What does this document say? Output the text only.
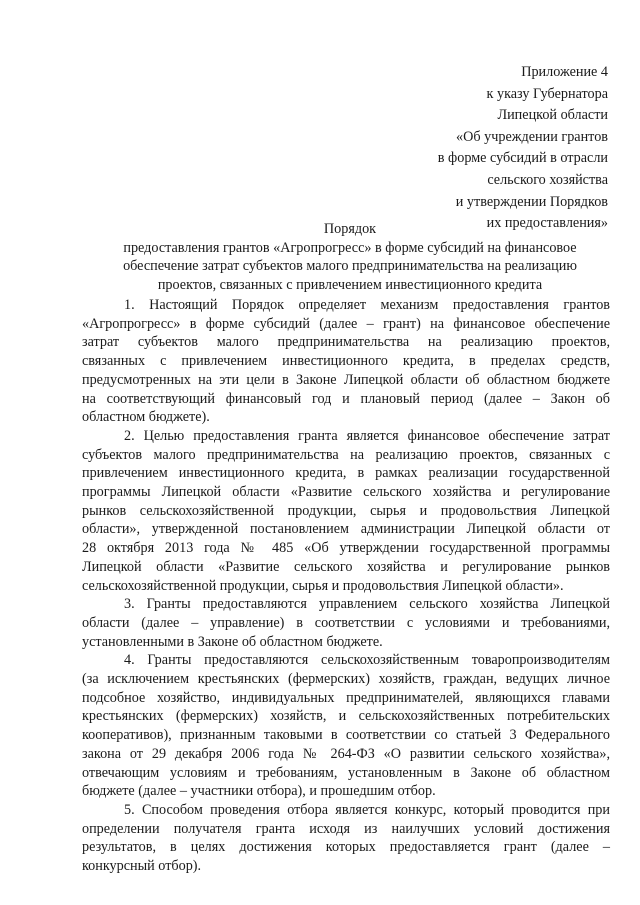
Приложение 4
к указу Губернатора
Липецкой области
«Об учреждении грантов
в форме субсидий в отрасли
сельского хозяйства
и утверждении Порядков
их предоставления»
Порядок
предоставления грантов «Агропрогресс» в форме субсидий на финансовое
обеспечение затрат субъектов малого предпринимательства на реализацию
проектов, связанных с привлечением инвестиционного кредита
1. Настоящий Порядок определяет механизм предоставления грантов
«Агропрогресс» в форме субсидий (далее – грант) на финансовое обеспечение
затрат субъектов малого предпринимательства на реализацию проектов,
связанных с привлечением инвестиционного кредита, в пределах средств,
предусмотренных на эти цели в Законе Липецкой области об областном бюджете
на соответствующий финансовый год и плановый период (далее – Закон об
областном бюджете).
2. Целью предоставления гранта является финансовое обеспечение затрат
субъектов малого предпринимательства на реализацию проектов, связанных с
привлечением инвестиционного кредита, в рамках реализации государственной
программы Липецкой области «Развитие сельского хозяйства и регулирование
рынков сельскохозяйственной продукции, сырья и продовольствия Липецкой
области», утвержденной постановлением администрации Липецкой области от
28 октября 2013 года № 485 «Об утверждении государственной программы
Липецкой области «Развитие сельского хозяйства и регулирование рынков
сельскохозяйственной продукции, сырья и продовольствия Липецкой области».
3. Гранты предоставляются управлением сельского хозяйства Липецкой
области (далее – управление) в соответствии с условиями и требованиями,
установленными в Законе об областном бюджете.
4. Гранты предоставляются сельскохозяйственным товаропроизводителям
(за исключением крестьянских (фермерских) хозяйств, граждан, ведущих личное
подсобное хозяйство, индивидуальных предпринимателей, являющихся главами
крестьянских (фермерских) хозяйств, и сельскохозяйственных потребительских
кооперативов), признанным таковыми в соответствии со статьей 3 Федерального
закона от 29 декабря 2006 года № 264-ФЗ «О развитии сельского хозяйства»,
отвечающим условиям и требованиям, установленным в Законе об областном
бюджете (далее – участники отбора), и прошедшим отбор.
5. Способом проведения отбора является конкурс, который проводится при
определении получателя гранта исходя из наилучших условий достижения
результатов, в целях достижения которых предоставляется грант (далее –
конкурсный отбор).
